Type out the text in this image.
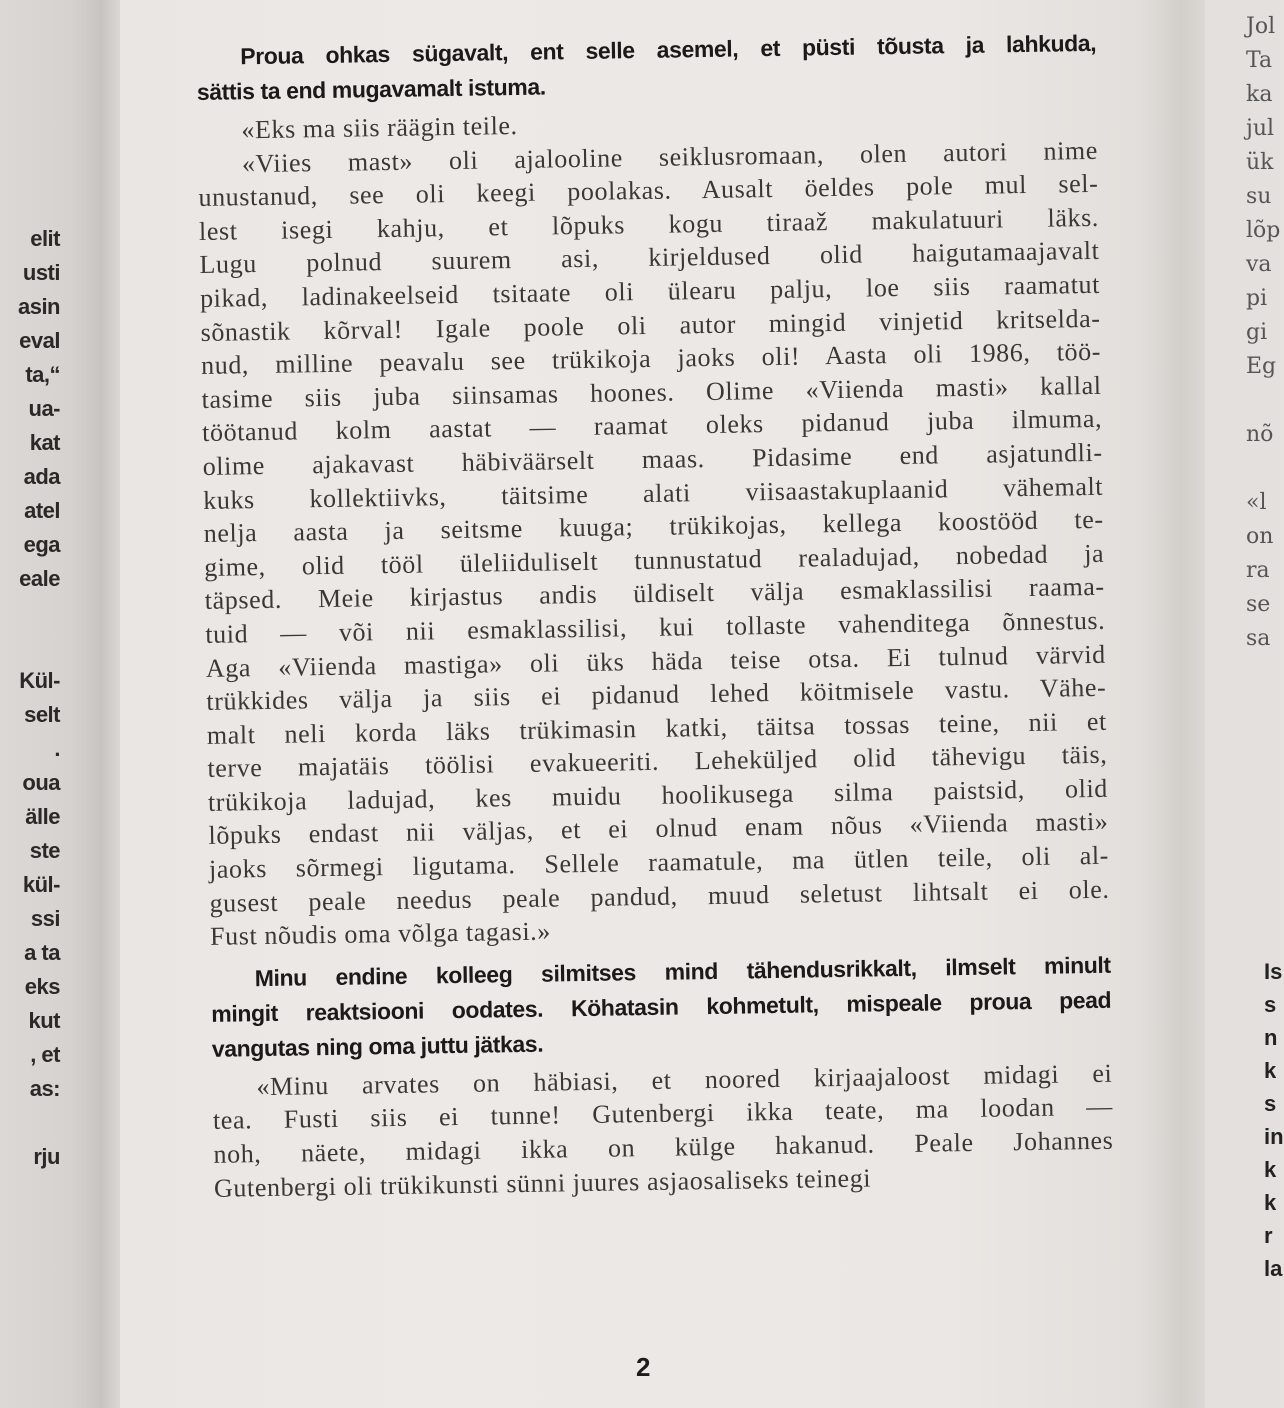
elit
usti
asin
eval
ta,“
ua-
kat
ada
atel
ega
eale

Kül-
selt
.
oua
älle
ste
kül-
ssi
a ta
eks
kut
, et
as:

rju
Jol
Ta
ka
jul
ük
su
lõp
va
pi
gi
Eg

nõ

«l
on
ra
se
sa
Is
s
n
k
s
in
k
k
r
la
Proua ohkas sügavalt, ent selle asemel, et püsti tõusta ja lahkuda,
sättis ta end mugavamalt istuma.
«Eks ma siis räägin teile.
«Viies mast» oli ajalooline seiklusromaan, olen autori nime
unustanud, see oli keegi poolakas. Ausalt öeldes pole mul sel-
lest isegi kahju, et lõpuks kogu tiraaž makulatuuri läks.
Lugu polnud suurem asi, kirjeldused olid haigutamaajavalt
pikad, ladinakeelseid tsitaate oli ülearu palju, loe siis raamatut
sõnastik kõrval! Igale poole oli autor mingid vinjetid kritselda-
nud, milline peavalu see trükikoja jaoks oli! Aasta oli 1986, töö-
tasime siis juba siinsamas hoones. Olime «Viienda masti» kallal
töötanud kolm aastat — raamat oleks pidanud juba ilmuma,
olime ajakavast häbiväärselt maas. Pidasime end asjatundli-
kuks kollektiivks, täitsime alati viisaastakuplaanid vähemalt
nelja aasta ja seitsme kuuga; trükikojas, kellega koostööd te-
gime, olid tööl üleliiduliselt tunnustatud realadujad, nobedad ja
täpsed. Meie kirjastus andis üldiselt välja esmaklassilisi raama-
tuid — või nii esmaklassilisi, kui tollaste vahenditega õnnestus.
Aga «Viienda mastiga» oli üks häda teise otsa. Ei tulnud värvid
trükkides välja ja siis ei pidanud lehed köitmisele vastu. Vähe-
malt neli korda läks trükimasin katki, täitsa tossas teine, nii et
terve majatäis töölisi evakueeriti. Leheküljed olid tähevigu täis,
trükikoja ladujad, kes muidu hoolikusega silma paistsid, olid
lõpuks endast nii väljas, et ei olnud enam nõus «Viienda masti»
jaoks sõrmegi ligutama. Sellele raamatule, ma ütlen teile, oli al-
gusest peale needus peale pandud, muud seletust lihtsalt ei ole.
Fust nõudis oma võlga tagasi.»
Minu endine kolleeg silmitses mind tähendusrikkalt, ilmselt minult
mingit reaktsiooni oodates. Köhatasin kohmetult, mispeale proua pead
vangutas ning oma juttu jätkas.
«Minu arvates on häbiasi, et noored kirjaajaloost midagi ei
tea. Fusti siis ei tunne! Gutenbergi ikka teate, ma loodan —
noh, näete, midagi ikka on külge hakanud. Peale Johannes
Gutenbergi oli trükikunsti sünni juures asjaosaliseks teinegi
2
